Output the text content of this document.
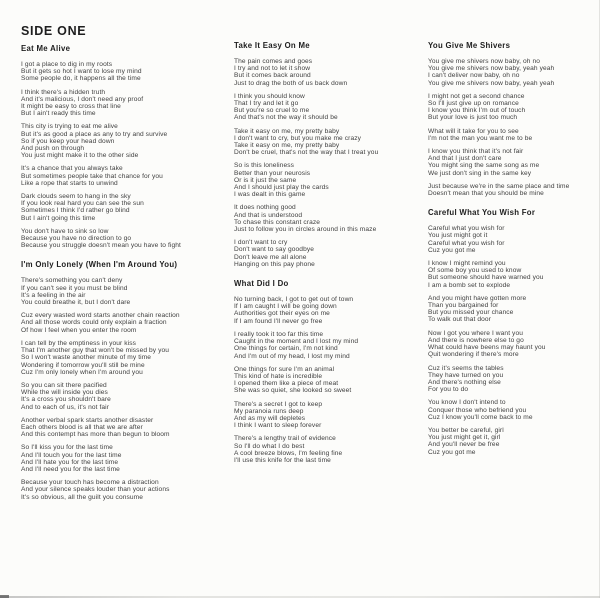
SIDE ONE
Eat Me Alive
I got a place to dig in my roots
But it gets so hot I want to lose my mind
Some people do, it happens all the time
I think there's a hidden truth
And it's malicious, I don't need any proof
It might be easy to cross that line
But I ain't ready this time
This city is trying to eat me alive
But it's as good a place as any to try and survive
So if you keep your head down
And push on through
You just might make it to the other side
It's a chance that you always take
But sometimes people take that chance for you
Like a rope that starts to unwind
Dark clouds seem to hang in the sky
If you look real hard you can see the sun
Sometimes I think I'd rather go blind
But I ain't going this time
You don't have to sink so low
Because you have no direction to go
Because you struggle doesn't mean you have to fight
I'm Only Lonely (When I'm Around You)
There's something you can't deny
If you can't see it you must be blind
It's a feeling in the air
You could breathe it, but I don't dare
Cuz every wasted word starts another chain reaction
And all those words could only explain a fraction
Of how I feel when you enter the room
I can tell by the emptiness in your kiss
That I'm another guy that won't be missed by you
So I won't waste another minute of my time
Wondering if tomorrow you'll still be mine
Cuz I'm only lonely when I'm around you
So you can sit there pacified
While the will inside you dies
It's a cross you shouldn't bare
And to each of us, it's not fair
Another verbal spark starts another disaster
Each others blood is all that we are after
And this contempt has more than begun to bloom
So I'll kiss you for the last time
And I'll touch you for the last time
And I'll hate you for the last time
And I'll need you for the last time
Because your touch has become a distraction
And your silence speaks louder than your actions
It's so obvious, all the guilt you consume
Take It Easy On Me
The pain comes and goes
I try and not to let it show
But it comes back around
Just to drag the both of us back down
I think you should know
That I try and let it go
But you're so cruel to me
And that's not the way it should be
Take it easy on me, my pretty baby
I don't want to cry, but you make me crazy
Take it easy on me, my pretty baby
Don't be cruel, that's not the way that I treat you
So is this loneliness
Better than your neurosis
Or is it just the same
And I should just play the cards
I was dealt in this game
It does nothing good
And that is understood
To chase this constant craze
Just to follow you in circles around in this maze
I don't want to cry
Don't want to say goodbye
Don't leave me all alone
Hanging on this pay phone
What Did I Do
No turning back, I got to get out of town
If I am caught I will be going down
Authorities got their eyes on me
If I am found I'll never go free
I really took it too far this time
Caught in the moment and I lost my mind
One things for certain, I'm not kind
And I'm out of my head, I lost my mind
One things for sure I'm an animal
This kind of hate is incredible
I opened them like a piece of meat
She was so quiet, she looked so sweet
There's a secret I got to keep
My paranoia runs deep
And as my will depletes
I think I want to sleep forever
There's a lengthy trail of evidence
So I'll do what I do best
A cool breeze blows, I'm feeling fine
I'll use this knife for the last time
You Give Me Shivers
You give me shivers now baby, oh no
You give me shivers now baby, yeah yeah
I can't deliver now baby, oh no
You give me shivers now baby, yeah yeah
I might not get a second chance
So I'll just give up on romance
I know you think I'm out of touch
But your love is just too much
What will it take for you to see
I'm not the man you want me to be
I know you think that it's not fair
And that I just don't care
You might sing the same song as me
We just don't sing in the same key
Just because we're in the same place and time
Doesn't mean that you should be mine
Careful What You Wish For
Careful what you wish for
You just might got it
Careful what you wish for
Cuz you got me
I know I might remind you
Of some boy you used to know
But someone should have warned you
I am a bomb set to explode
And you might have gotten more
Than you bargained for
But you missed your chance
To walk out that door
Now I got you where I want you
And there is nowhere else to go
What could have beens may haunt you
Quit wondering if there's more
Cuz it's seems the tables
They have turned on you
And there's nothing else
For you to do
You know I don't intend to
Conquer those who befriend you
Cuz I know you'll come back to me
You better be careful, girl
You just might get it, girl
And you'll never be free
Cuz you got me
